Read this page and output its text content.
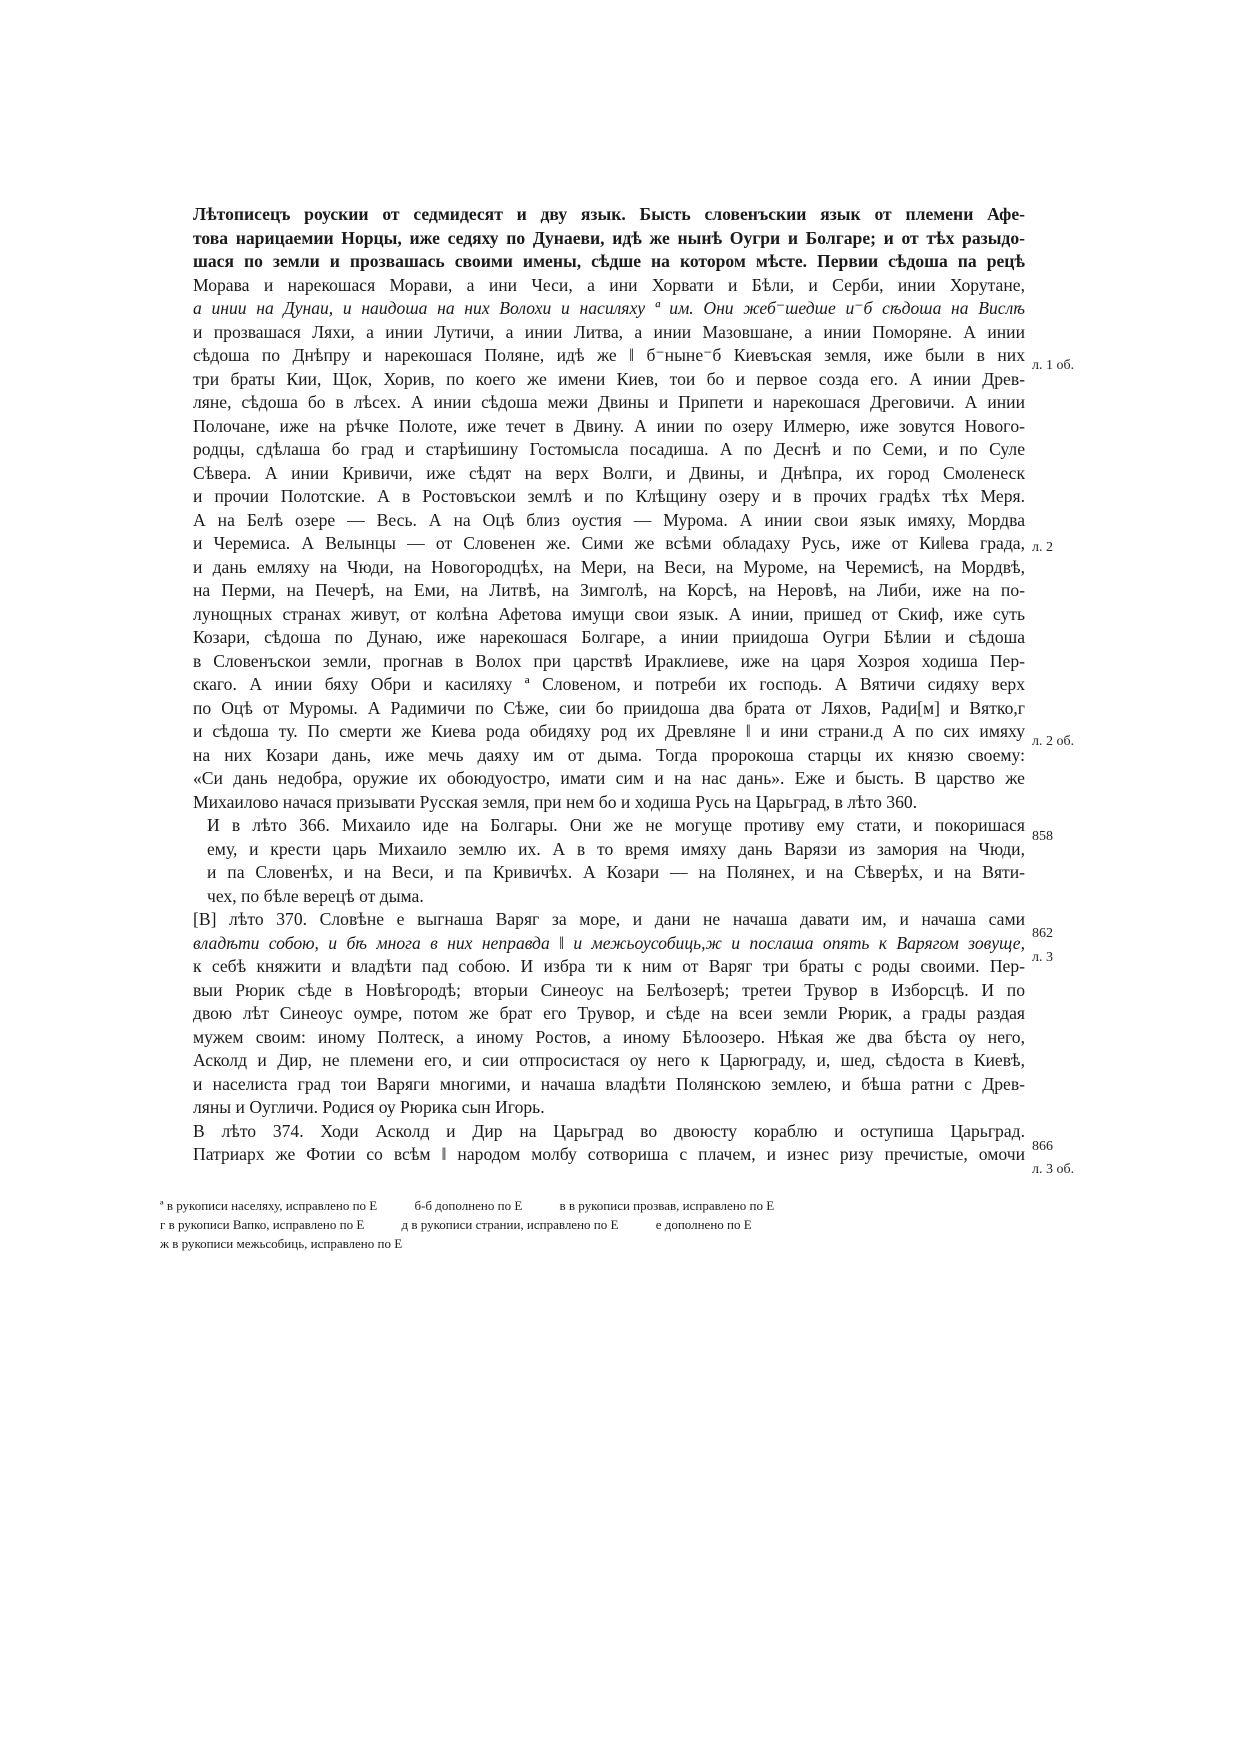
Лѣтописецъ роускии от седмидесят и дву язык. Бысть словенъскии язык от племени Афе-
това нарицаемии Норцы, иже седяху по Дунаеви, идѣ же нынѣ Оугри и Болгаре; и от тѣх разыдо-
шася по земли и прозвашась своими имены, сѣдше на котором мѣсте. Первии сѣдоша па рецѣ
Морава и нарекошася Морави, а ини Чеси, а ини Хорвати и Бѣли, и Серби, инии Хорутане,
а инии на Дунаи, и наидоша на них Волохи и насиляху ª им. Они жеб⁻шедше и⁻б сѣдоша на Вислѣ
и прозвашася Ляхи, а инии Лутичи, а инии Литва, а инии Мазовшане, а инии Поморяне. А инии
сѣдоша по Днѣпру и нарекошася Поляне, идѣ же ‖ б⁻ныне⁻б Киевъская земля, иже были в них
три браты Кии, Щок, Хорив, по коего же имени Киев, тои бо и первое созда его. А инии Древ-
ляне, сѣдоша бо в лѣсех. А инии сѣдоша межи Двины и Припети и нарекошася Дреговичи. А инии
Полочане, иже на рѣчке Полоте, иже течет в Двину. А инии по озеру Илмерю, иже зовутся Новогo-
родцы, сдѣлаша бо град и старѣишину Гостомысла посадиша. А по Деснѣ и по Семи, и по Суле
Сѣвера. А инии Кривичи, иже сѣдят на верх Волги, и Двины, и Днѣпра, их город Смоленеск
и прочии Полотские. А в Ростовъскои землѣ и по Клѣщину озеру и в прочих градѣх тѣх Меря.
А на Белѣ озере — Весь. А на Оцѣ близ оустия — Мурома. А инии свои язык имяху, Мордва
и Черемиса. А Велынцы — от Словенен же. Сими же всѣми обладаху Русь, иже от Ки‖ева града,
и дань емляху на Чюди, на Новогородцѣх, на Мери, на Веси, на Муроме, на Черемисѣ, на Мордвѣ,
на Перми, на Печерѣ, на Еми, на Литвѣ, на Зимголѣ, на Корсѣ, на Неровѣ, на Либи, иже на по-
лунощных странах живут, от колѣна Афетова имущи свои язык. А инии, пришед от Скиф, иже суть
Козари, сѣдоша по Дунаю, иже нарекошася Болгаре, а инии приидоша Оугри Бѣлии и сѣдоша
в Словенъскои земли, прогнав в Волох при царствѣ Ираклиеве, иже на царя Хозроя ходиша Пер-
скаго. А инии бяху Обри и касиляху ª Словеном, и потреби их господь. А Вятичи сидяху верх
по Оцѣ от Муромы. А Радимичи по Сѣже, сии бо приидоша два брата от Ляхов, Ради[м] и Вятко,г
и сѣдоша ту. По смерти же Киева рода обидяху род их Древляне ‖ и ини страни.д А по сих имяху
на них Козари дань, иже мечь даяху им от дыма. Тогда пророкоша старцы их князю своему:
«Си дань недобра, оружие их обоюдуостро, имати сим и на нас дань». Еже и бысть. В царство же
Михаилово начася призывати Русская земля, при нем бо и ходиша Русь на Царьград, в лѣто 360.
И в лѣто 366. Михаило иде на Болгары. Они же не могуще противу ему стати, и покоришася
ему, и крести царь Михаило землю их. А в то время имяху дань Варязи из замория на Чюди,
и па Словенѣх, и на Веси, и па Кривичѣх. А Козари — на Полянех, и на Сѣверѣх, и на Вяти-
чех, по бѣле верецѣ от дыма.
[В] лѣто 370. Словѣне е выгнаша Варяг за море, и дани не начаша давати им, и начаша сами
владѣти собою, и бѣ многа в них неправда ‖ и межьоусобиць,ж и послаша опять к Варягом зовуще,
к себѣ княжити и владѣти пад собою. И избра ти к ним от Варяг три браты с роды своими. Пер-
выи Рюрик сѣде в Новѣгородѣ; вторыи Синеоус на Белѣозерѣ; третеи Трувор в Изборсцѣ. И по
двою лѣт Синеоус оумре, потом же брат его Трувор, и сѣде на всеи земли Рюрик, а грады раздая
мужем своим: иному Полтеск, а иному Ростов, а иному Бѣлоозеро. Нѣкая же два бѣста оу него,
Асколд и Дир, не племени его, и сии отпросистася оу него к Царюграду, и, шед, сѣдоста в Киевѣ,
и населиста град тои Варяги многими, и начаша владѣти Полянскою землею, и бѣша ратни с Древ-
ляны и Оугличи. Родися оу Рюрика сын Игорь.
В лѣто 374. Ходи Асколд и Дир на Царьград во двоюсту кораблю и оступиша Царьград.
Патриарх же Фотии со всѣм ‖ народом молбу сотвориша с плачем, и изнес ризу пречистые, омочи
л. 1 об.
л. 2
л. 2 об.
858
862
л. 3
866
л. 3 об.
ª в рукописи населяху, исправлено по Е	б-б дополнено по Е	в в рукописи прозвав, исправлено по Е
г в рукописи Вапко, исправлено по Е	д в рукописи странии, исправлено по Е	е дополнено по Е
ж в рукописи межьсобиць, исправлено по Е
